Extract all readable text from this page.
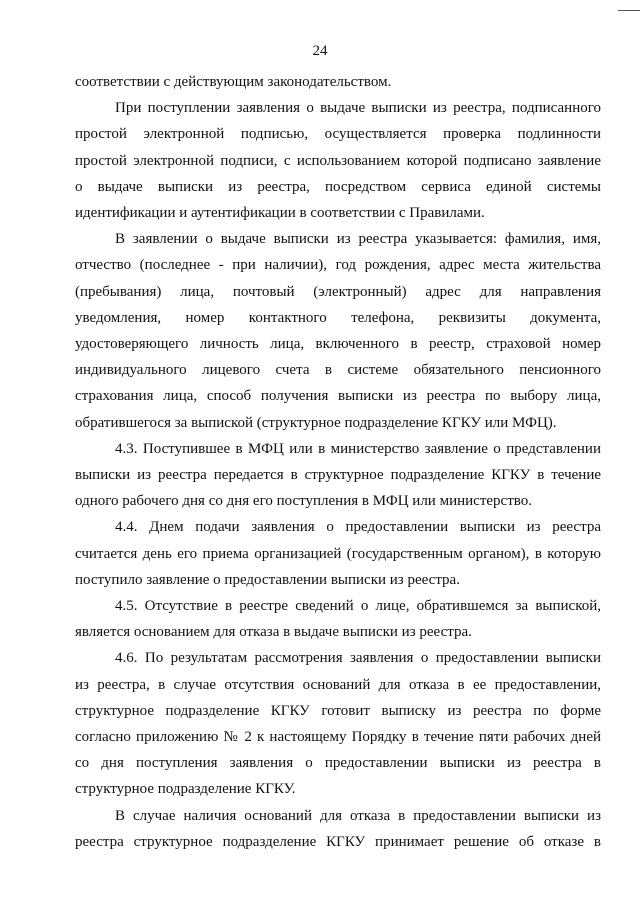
24

соответствии с действующим законодательством.

При поступлении заявления о выдаче выписки из реестра, подписанного
простой электронной подписью, осуществляется проверка подлинности
простой электронной подписи, с использованием которой подписано заявление
о выдаче выписки из реестра, посредством сервиса единой системы
идентификации и аутентификации в соответствии с Правилами.

В заявлении о выдаче выписки из реестра указывается: фамилия, имя,
отчество (последнее - при наличии), год рождения, адрес места жительства
(пребывания) лица, почтовый (электронный) адрес для направления
уведомления, номер контактного телефона, реквизиты документа,
удостоверяющего личность лица, включенного в реестр, страховой номер
индивидуального лицевого счета в системе обязательного пенсионного
страхования лица, способ получения выписки из реестра по выбору лица,
обратившегося за выпиской (структурное подразделение КГКУ или МФЦ).

4.3. Поступившее в МФЦ или в министерство заявление о представлении
выписки из реестра передается в структурное подразделение КГКУ в течение
одного рабочего дня со дня его поступления в МФЦ или министерство.

4.4. Днем подачи заявления о предоставлении выписки из реестра
считается день его приема организацией (государственным органом), в которую
поступило заявление о предоставлении выписки из реестра.

4.5. Отсутствие в реестре сведений о лице, обратившемся за выпиской,
является основанием для отказа в выдаче выписки из реестра.

4.6. По результатам рассмотрения заявления о предоставлении выписки
из реестра, в случае отсутствия оснований для отказа в ее предоставлении,
структурное подразделение КГКУ готовит выписку из реестра по форме
согласно приложению № 2 к настоящему Порядку в течение пяти рабочих дней
со дня поступления заявления о предоставлении выписки из реестра в
структурное подразделение КГКУ.

В случае наличия оснований для отказа в предоставлении выписки из
реестра структурное подразделение КГКУ принимает решение об отказе в
